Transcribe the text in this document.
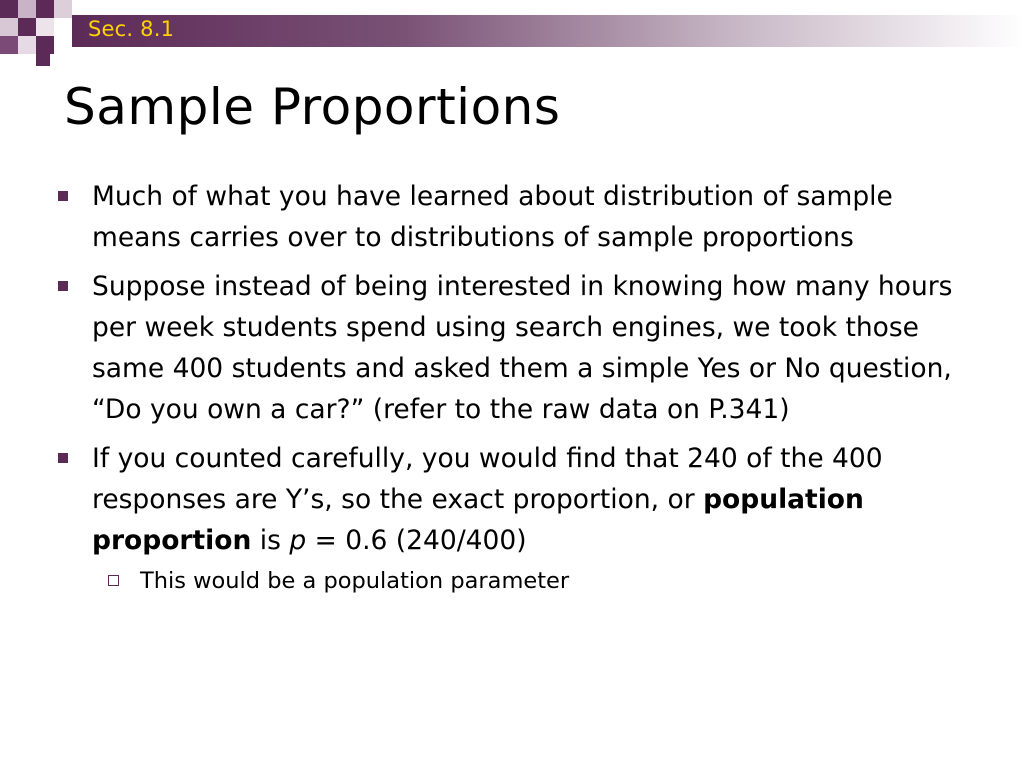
Sec. 8.1
Sample Proportions
Much of what you have learned about distribution of sample means carries over to distributions of sample proportions
Suppose instead of being interested in knowing how many hours per week students spend using search engines, we took those same 400 students and asked them a simple Yes or No question, “Do you own a car?” (refer to the raw data on P.341)
If you counted carefully, you would find that 240 of the 400 responses are Y’s, so the exact proportion, or population proportion is p = 0.6 (240/400)
This would be a population parameter
